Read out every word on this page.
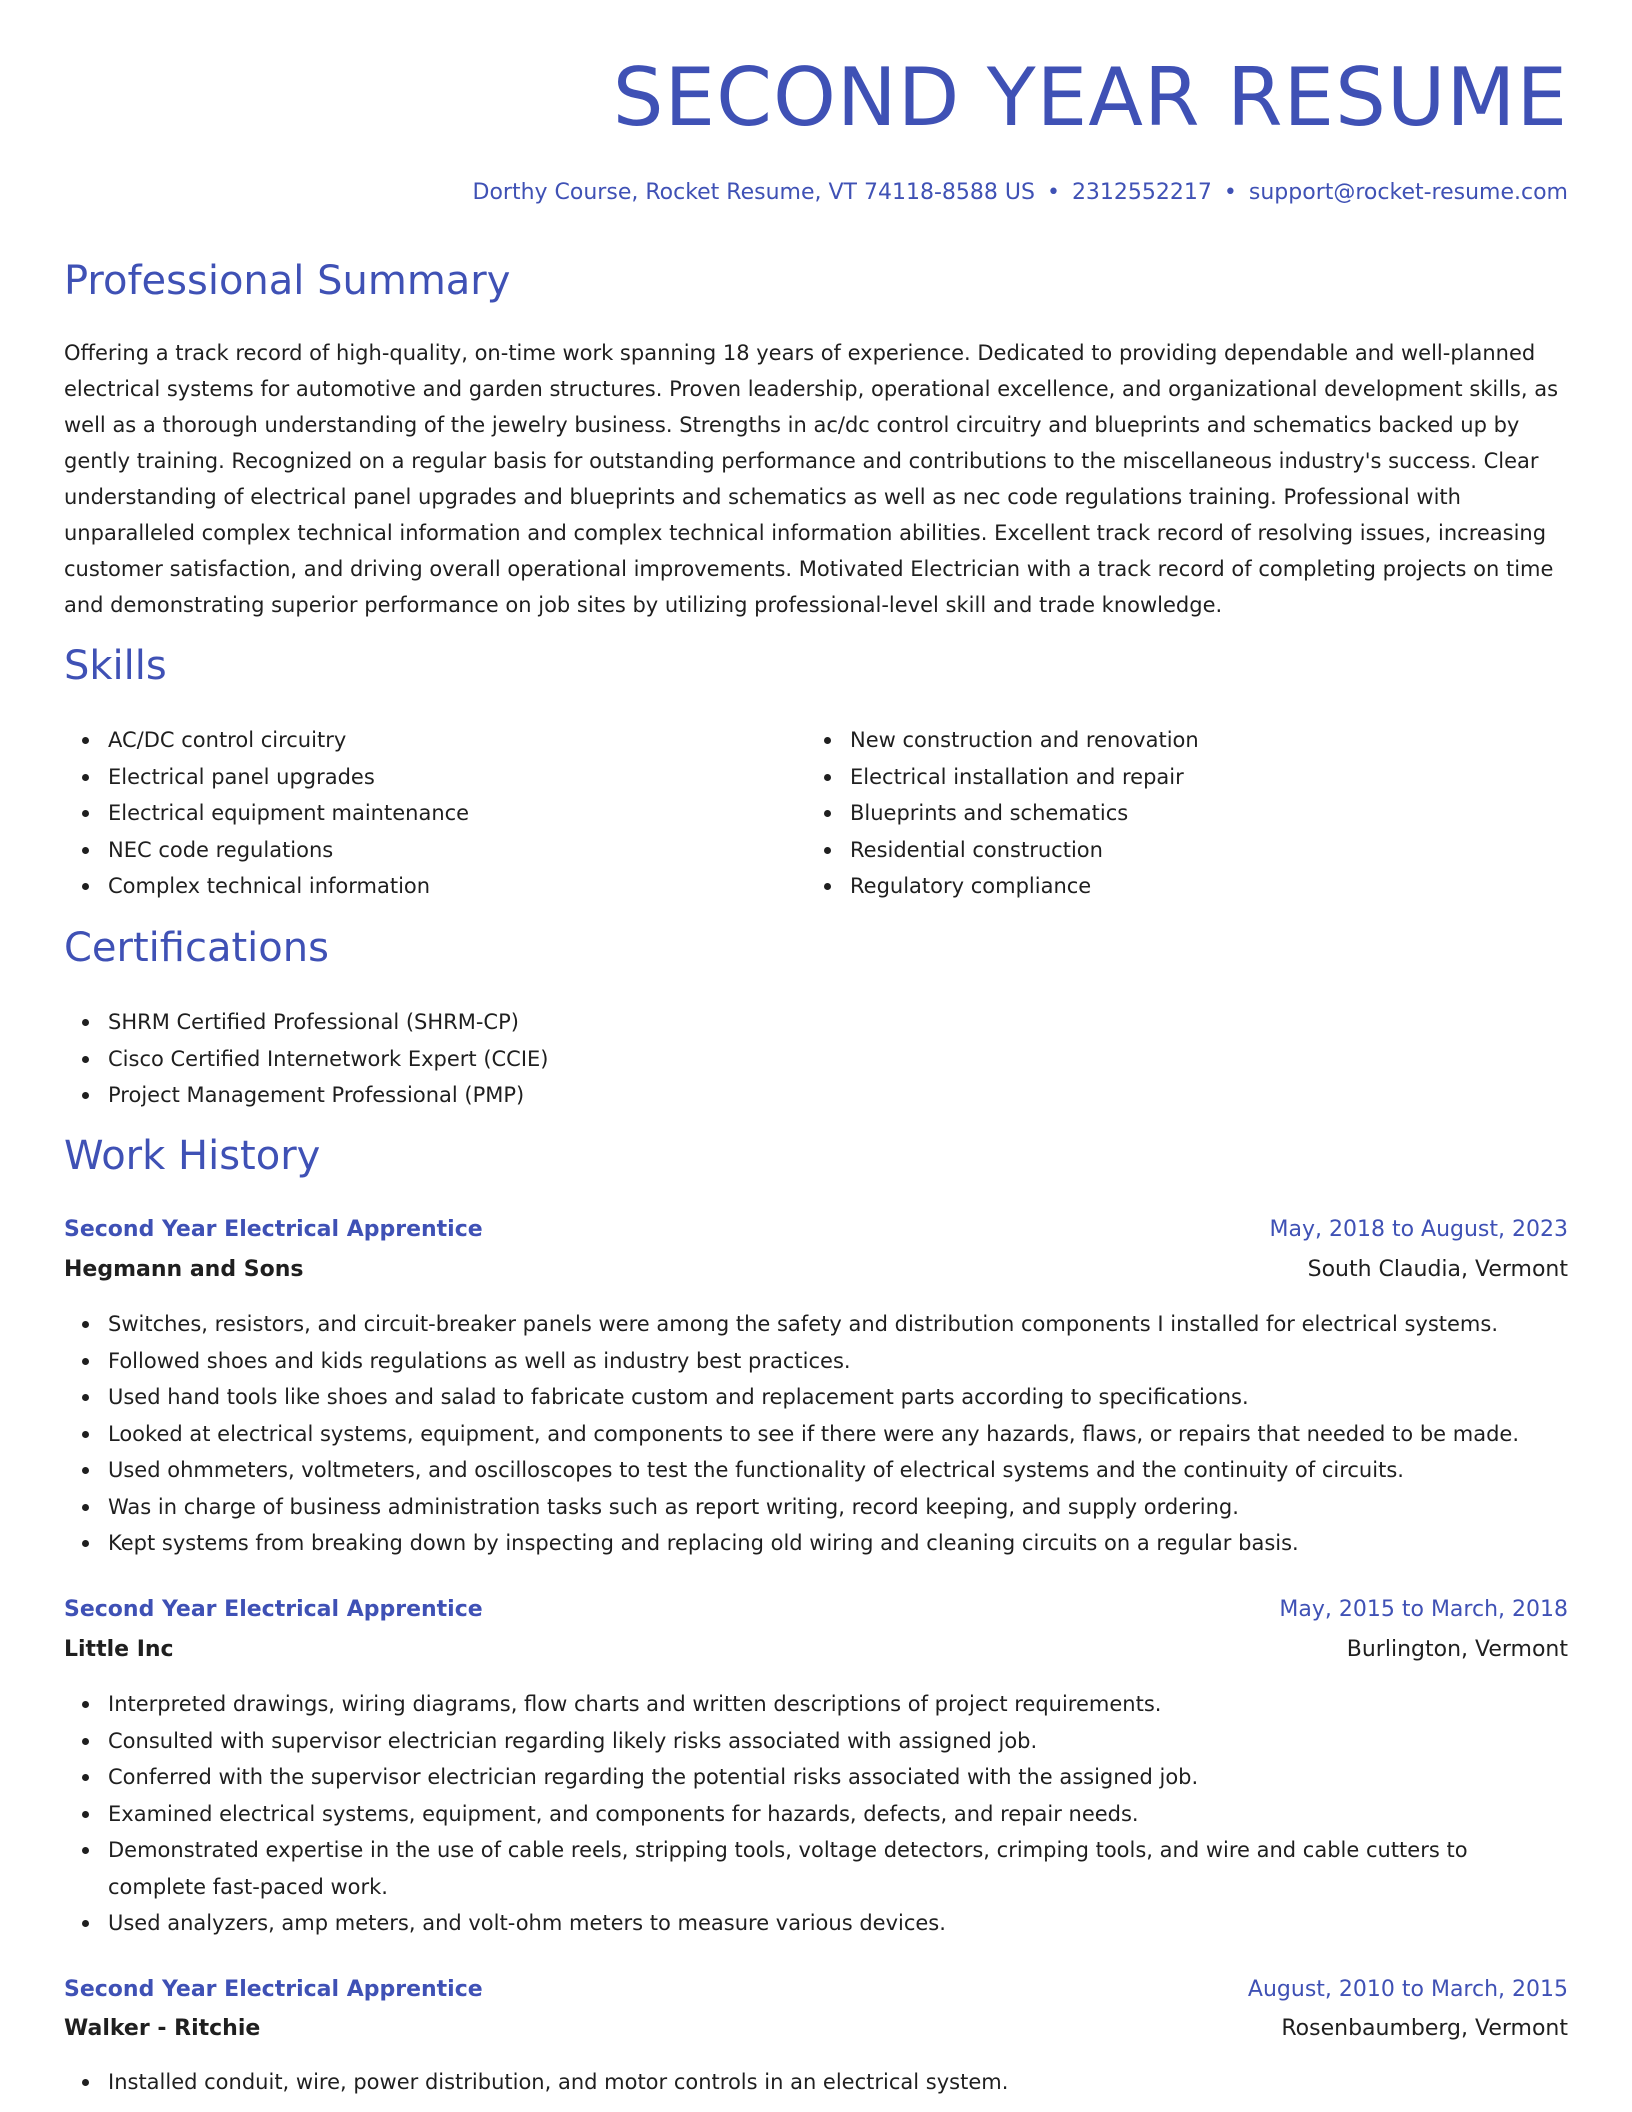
SECOND YEAR RESUME
Dorthy Course, Rocket Resume, VT 74118-8588 US • 2312552217 • support@rocket-resume.com
Professional Summary

Offering a track record of high-quality, on-time work spanning 18 years of experience. Dedicated to providing dependable and well-planned electrical systems for automotive and garden structures. Proven leadership, operational excellence, and organizational development skills, as well as a thorough understanding of the jewelry business. Strengths in ac/dc control circuitry and blueprints and schematics backed up by gently training. Recognized on a regular basis for outstanding performance and contributions to the miscellaneous industry's success. Clear understanding of electrical panel upgrades and blueprints and schematics as well as nec code regulations training. Professional with unparalleled complex technical information and complex technical information abilities. Excellent track record of resolving issues, increasing customer satisfaction, and driving overall operational improvements. Motivated Electrician with a track record of completing projects on time and demonstrating superior performance on job sites by utilizing professional-level skill and trade knowledge.

Skills
AC/DC control circuitry
Electrical panel upgrades
Electrical equipment maintenance
NEC code regulations
Complex technical information
New construction and renovation
Electrical installation and repair
Blueprints and schematics
Residential construction
Regulatory compliance
Certifications
SHRM Certified Professional (SHRM-CP)
Cisco Certified Internetwork Expert (CCIE)
Project Management Professional (PMP)
Work History
Second Year Electrical Apprentice	May, 2018 to August, 2023
Hegmann and Sons	South Claudia, Vermont
Switches, resistors, and circuit-breaker panels were among the safety and distribution components I installed for electrical systems.
Followed shoes and kids regulations as well as industry best practices.
Used hand tools like shoes and salad to fabricate custom and replacement parts according to specifications.
Looked at electrical systems, equipment, and components to see if there were any hazards, flaws, or repairs that needed to be made.
Used ohmmeters, voltmeters, and oscilloscopes to test the functionality of electrical systems and the continuity of circuits.
Was in charge of business administration tasks such as report writing, record keeping, and supply ordering.
Kept systems from breaking down by inspecting and replacing old wiring and cleaning circuits on a regular basis.
Second Year Electrical Apprentice	May, 2015 to March, 2018
Little Inc	Burlington, Vermont
Interpreted drawings, wiring diagrams, flow charts and written descriptions of project requirements.
Consulted with supervisor electrician regarding likely risks associated with assigned job.
Conferred with the supervisor electrician regarding the potential risks associated with the assigned job.
Examined electrical systems, equipment, and components for hazards, defects, and repair needs.
Demonstrated expertise in the use of cable reels, stripping tools, voltage detectors, crimping tools, and wire and cable cutters to complete fast-paced work.
Used analyzers, amp meters, and volt-ohm meters to measure various devices.
Second Year Electrical Apprentice	August, 2010 to March, 2015
Walker - Ritchie	Rosenbaumberg, Vermont
Installed conduit, wire, power distribution, and motor controls in an electrical system.
